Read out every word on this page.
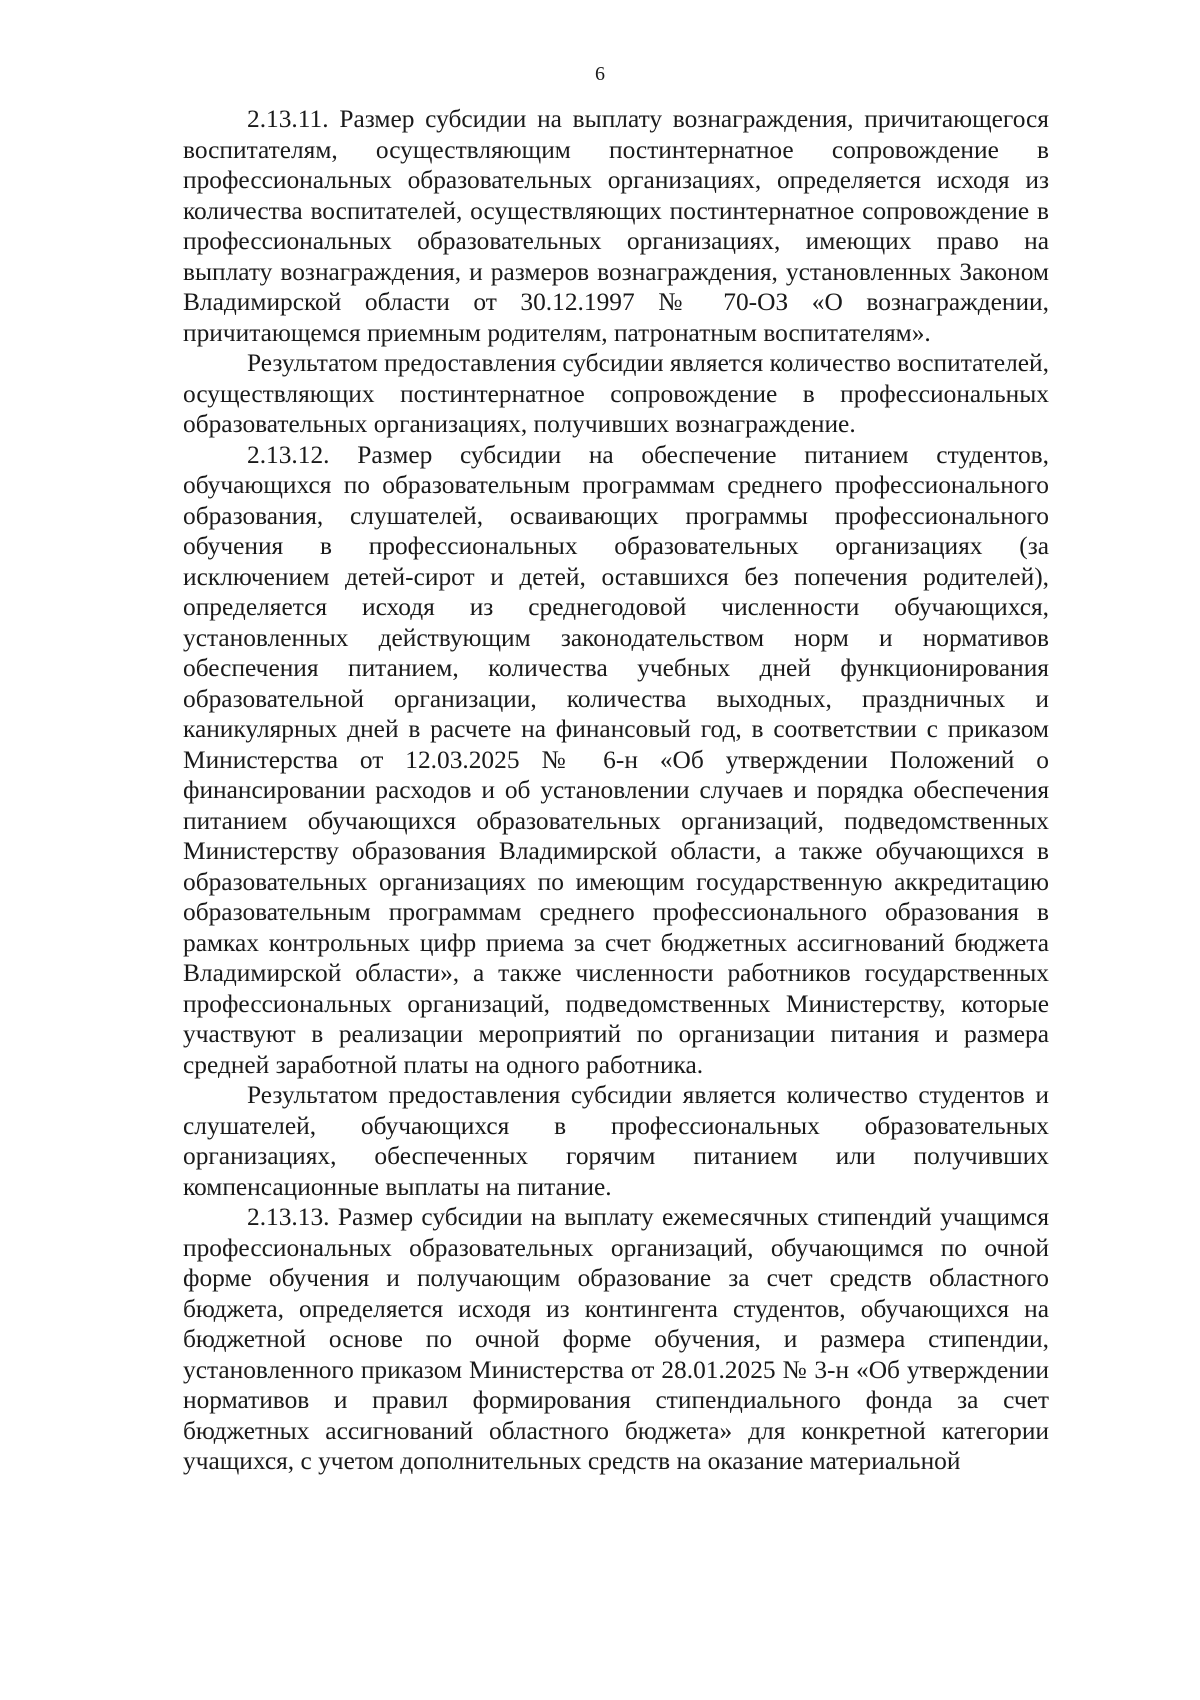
6

2.13.11. Размер субсидии на выплату вознаграждения, причитающегося воспитателям, осуществляющим постинтернатное сопровождение в профессиональных образовательных организациях, определяется исходя из количества воспитателей, осуществляющих постинтернатное сопровождение в профессиональных образовательных организациях, имеющих право на выплату вознаграждения, и размеров вознаграждения, установленных Законом Владимирской области от 30.12.1997 № 70-ОЗ «О вознаграждении, причитающемся приемным родителям, патронатным воспитателям».

Результатом предоставления субсидии является количество воспитателей, осуществляющих постинтернатное сопровождение в профессиональных образовательных организациях, получивших вознаграждение.

2.13.12. Размер субсидии на обеспечение питанием студентов, обучающихся по образовательным программам среднего профессионального образования, слушателей, осваивающих программы профессионального обучения в профессиональных образовательных организациях (за исключением детей-сирот и детей, оставшихся без попечения родителей), определяется исходя из среднегодовой численности обучающихся, установленных действующим законодательством норм и нормативов обеспечения питанием, количества учебных дней функционирования образовательной организации, количества выходных, праздничных и каникулярных дней в расчете на финансовый год, в соответствии с приказом Министерства от 12.03.2025 № 6-н «Об утверждении Положений о финансировании расходов и об установлении случаев и порядка обеспечения питанием обучающихся образовательных организаций, подведомственных Министерству образования Владимирской области, а также обучающихся в образовательных организациях по имеющим государственную аккредитацию образовательным программам среднего профессионального образования в рамках контрольных цифр приема за счет бюджетных ассигнований бюджета Владимирской области», а также численности работников государственных профессиональных организаций, подведомственных Министерству, которые участвуют в реализации мероприятий по организации питания и размера средней заработной платы на одного работника.

Результатом предоставления субсидии является количество студентов и слушателей, обучающихся в профессиональных образовательных организациях, обеспеченных горячим питанием или получивших компенсационные выплаты на питание.

2.13.13. Размер субсидии на выплату ежемесячных стипендий учащимся профессиональных образовательных организаций, обучающимся по очной форме обучения и получающим образование за счет средств областного бюджета, определяется исходя из контингента студентов, обучающихся на бюджетной основе по очной форме обучения, и размера стипендии, установленного приказом Министерства от 28.01.2025 № 3-н «Об утверждении нормативов и правил формирования стипендиального фонда за счет бюджетных ассигнований областного бюджета» для конкретной категории учащихся, с учетом дополнительных средств на оказание материальной
